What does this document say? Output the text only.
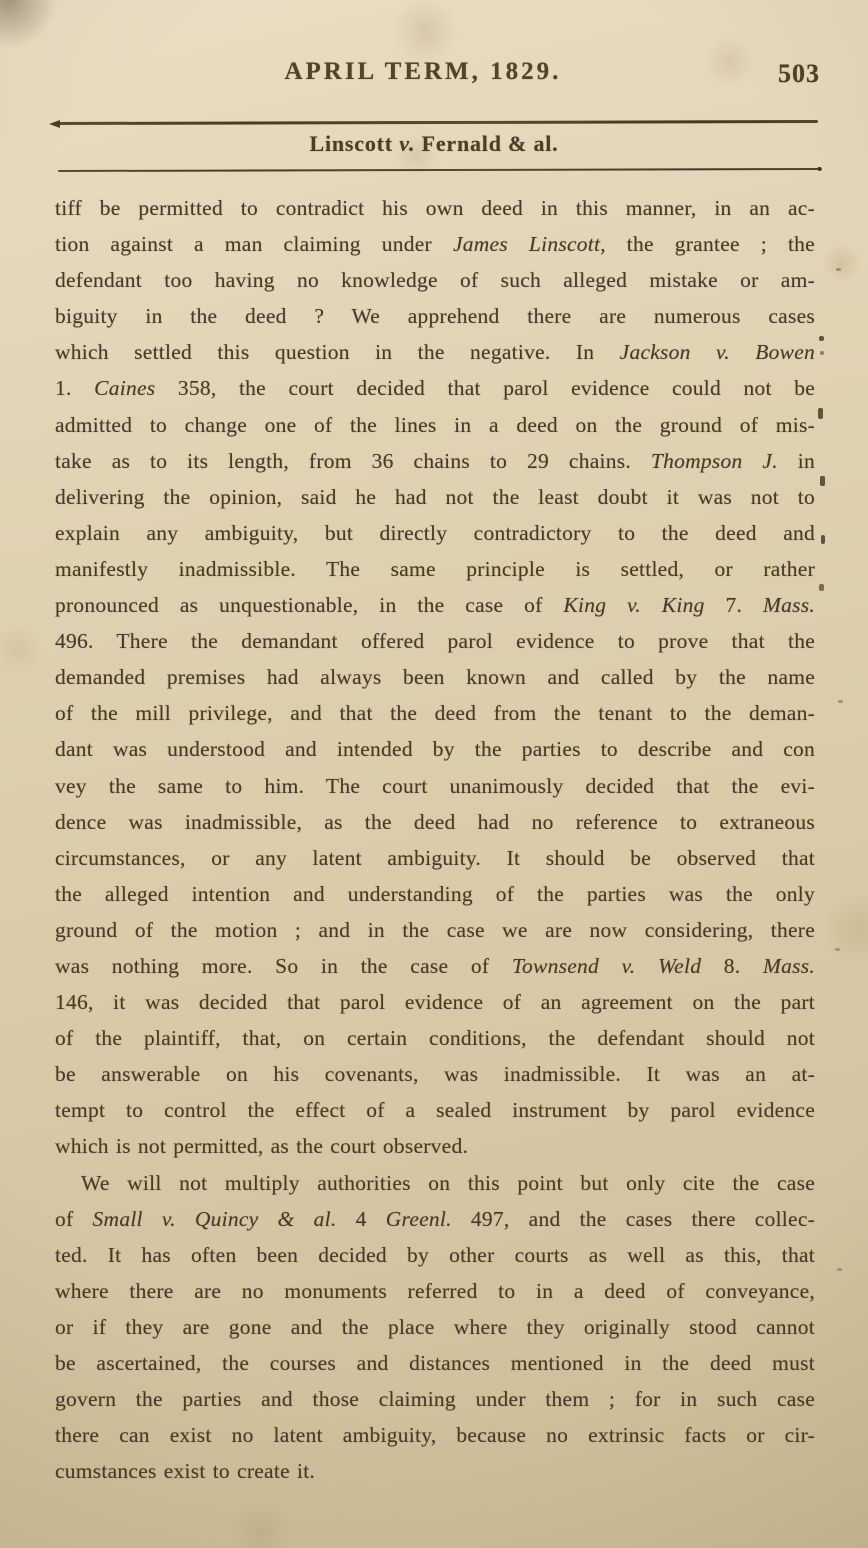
APRIL TERM, 1829.	503
Linscott v. Fernald & al.
tiff be permitted to contradict his own deed in this manner, in an ac-
tion against a man claiming under James Linscott, the grantee ; the
defendant too having no knowledge of such alleged mistake or am-
biguity in the deed ? We apprehend there are numerous cases
which settled this question in the negative. In Jackson v. Bowen
1. Caines 358, the court decided that parol evidence could not be
admitted to change one of the lines in a deed on the ground of mis-
take as to its length, from 36 chains to 29 chains. Thompson J. in
delivering the opinion, said he had not the least doubt it was not to
explain any ambiguity, but directly contradictory to the deed and
manifestly inadmissible. The same principle is settled, or rather
pronounced as unquestionable, in the case of King v. King 7. Mass.
496. There the demandant offered parol evidence to prove that the
demanded premises had always been known and called by the name
of the mill privilege, and that the deed from the tenant to the deman-
dant was understood and intended by the parties to describe and con
vey the same to him. The court unanimously decided that the evi-
dence was inadmissible, as the deed had no reference to extraneous
circumstances, or any latent ambiguity. It should be observed that
the alleged intention and understanding of the parties was the only
ground of the motion ; and in the case we are now considering, there
was nothing more. So in the case of Townsend v. Weld 8. Mass.
146, it was decided that parol evidence of an agreement on the part
of the plaintiff, that, on certain conditions, the defendant should not
be answerable on his covenants, was inadmissible. It was an at-
tempt to control the effect of a sealed instrument by parol evidence
which is not permitted, as the court observed.
We will not multiply authorities on this point but only cite the case
of Small v. Quincy & al. 4 Greenl. 497, and the cases there collec-
ted. It has often been decided by other courts as well as this, that
where there are no monuments referred to in a deed of conveyance,
or if they are gone and the place where they originally stood cannot
be ascertained, the courses and distances mentioned in the deed must
govern the parties and those claiming under them ; for in such case
there can exist no latent ambiguity, because no extrinsic facts or cir-
cumstances exist to create it.
